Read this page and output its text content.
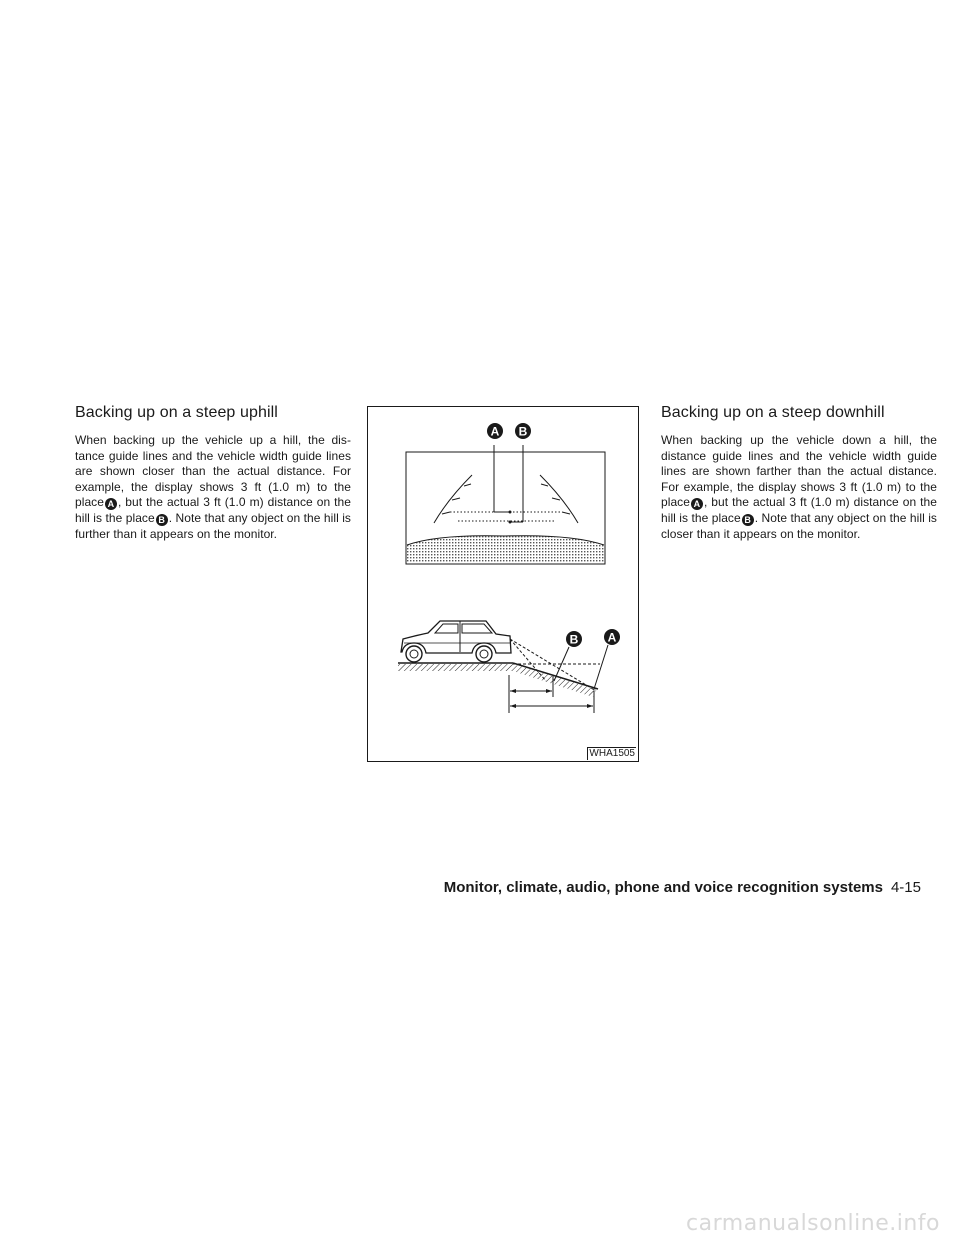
Backing up on a steep uphill

When backing up the vehicle up a hill, the dis-tance guide lines and the vehicle width guide lines are shown closer than the actual distance. For example, the display shows 3 ft (1.0 m) to the place A , but the actual 3 ft (1.0 m) distance on the hill is the place B . Note that any object on the hill is further than it appears on the monitor.

A B
B A
WHA1505
Backing up on a steep downhill

When backing up the vehicle down a hill, the distance guide lines and the vehicle width guide lines are shown farther than the actual distance. For example, the display shows 3 ft (1.0 m) to the place A , but the actual 3 ft (1.0 m) distance on the hill is the place B . Note that any object on the hill is closer than it appears on the monitor.

Monitor, climate, audio, phone and voice recognition systems 4-15
carmanualsonline.info
